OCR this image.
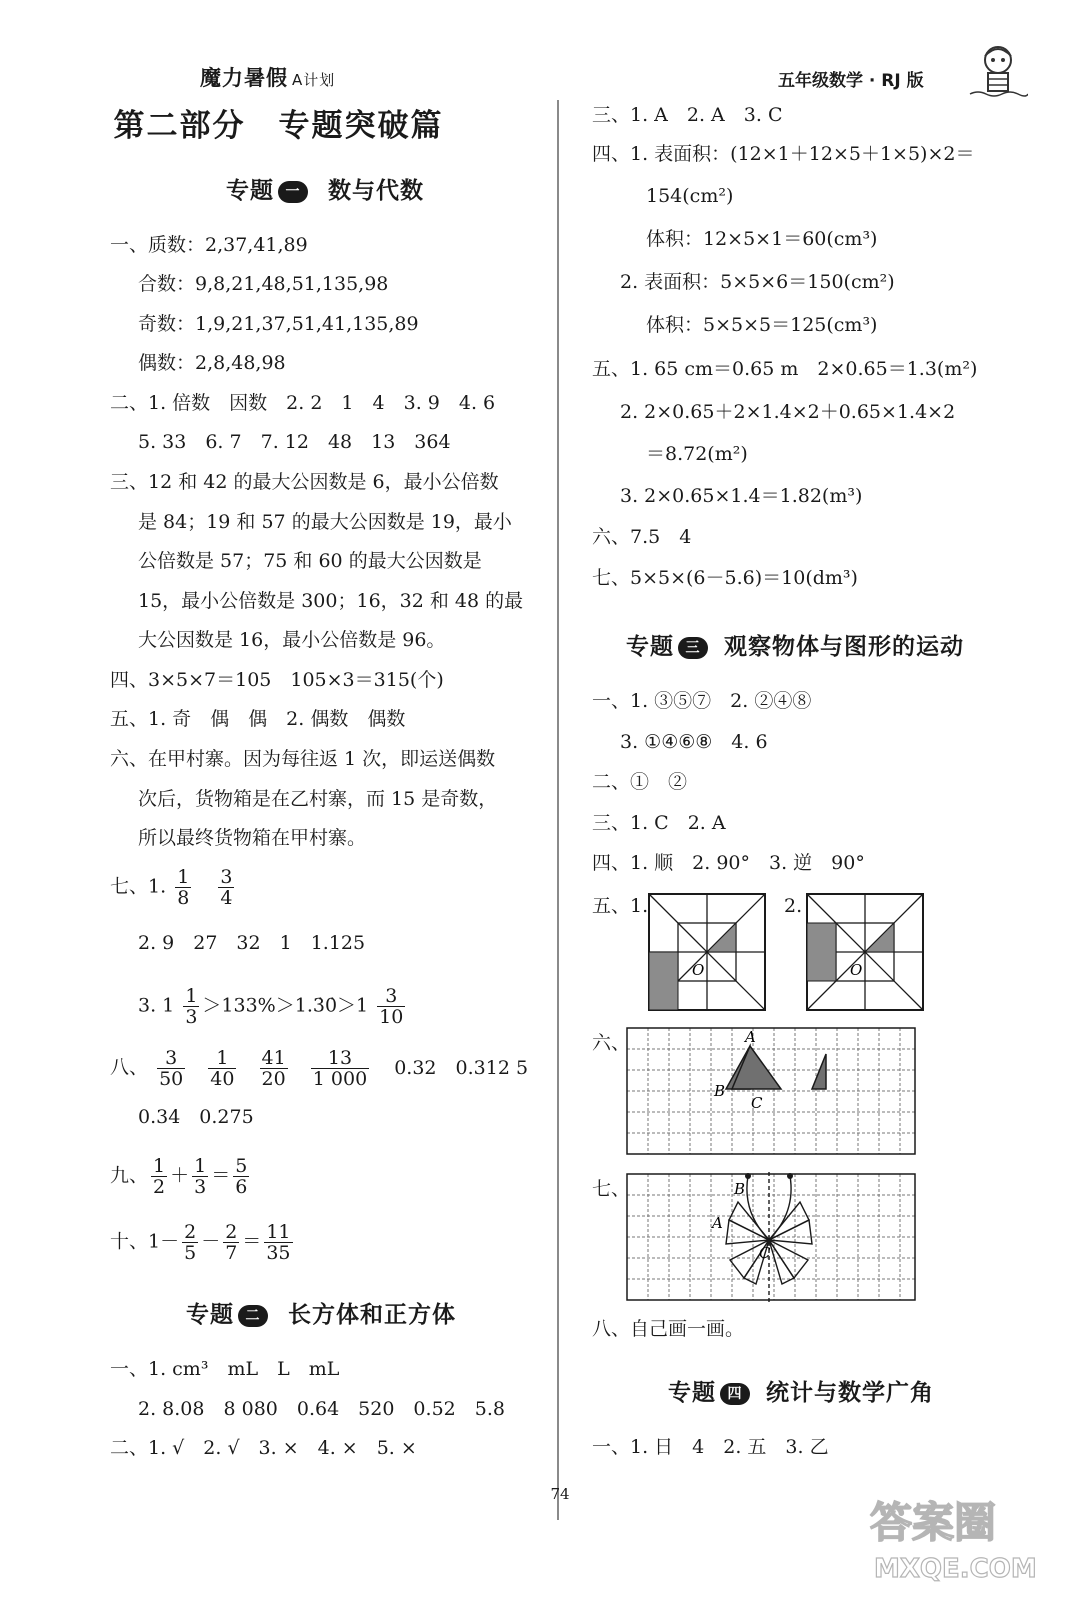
魔力暑假 A计划	五年级数学 · RJ 版
第二部分　专题突破篇
专题 一 数与代数
一、质数：2,37,41,89
合数：9,8,21,48,51,135,98
奇数：1,9,21,37,51,41,135,89
偶数：2,8,48,98
二、1. 倍数　因数　2. 2　1　4　3. 9　4. 6
5. 33　6. 7　7. 12　48　13　364
三、12 和 42 的最大公因数是 6，最小公倍数
是 84；19 和 57 的最大公因数是 19，最小
公倍数是 57；75 和 60 的最大公因数是
15，最小公倍数是 300；16，32 和 48 的最
大公因数是 16，最小公倍数是 96。
四、3×5×7＝105　105×3＝315(个)
五、1. 奇　偶　偶　2. 偶数　偶数
六、在甲村寨。因为每往返 1 次，即运送偶数
次后，货物箱是在乙村寨，而 15 是奇数，
所以最终货物箱在甲村寨。
七、1. $\frac{1}{8}$
$\frac{3}{4}$
2. 9　27　32　1　1.125
3. $1 \frac{1}{3}$ ＞133%＞1.3̇0̇＞1 $\frac{3}{10}$
八、 $\frac{3}{50}$
$\frac{1}{40}$
$\frac{41}{20}$
$\frac{13}{1 000} 0.32$　0.312 5
0.34　0.275
九、 $\frac{1}{2} + \frac{1}{3} = \frac{5}{6}$
十、$1- \frac{2}{5} - \frac{2}{7} = \frac{11}{35}$
专题 二 长方体和正方体
一、1. cm³　mL　L　mL
2. 8.08　8 080　0.64　520　0.52　5.8
二、1. √　2. √　3. ×　4. ×　5. ×
三、1. A　2. A　3. C
四、1. 表面积：(12×1＋12×5＋1×5)×2＝
154(cm²)
体积：12×5×1＝60(cm³)
2. 表面积：5×5×6＝150(cm²)
体积：5×5×5＝125(cm³)
五、1. 65 cm＝0.65 m　2×0.65＝1.3(m²)
2. 2×0.65＋2×1.4×2＋0.65×1.4×2
＝8.72(m²)
3. 2×0.65×1.4＝1.82(m³)
六、7.5　4
七、5×5×(6－5.6)＝10(dm³)
专题 三 观察物体与图形的运动
一、1. ③⑤⑦　2. ②④⑧
3. ①④⑥⑧　4. 6
二、①　②
三、1. C　2. A
四、1. 顺　2. 90°　3. 逆　90°
五、1.
O
2.
O
六、	A
B
C
七、	B
A
C
八、自己画一画。
专题 四 统计与数学广角
一、1. 日　4　2. 五　3. 乙
74
答案圈
MXQE.COM
